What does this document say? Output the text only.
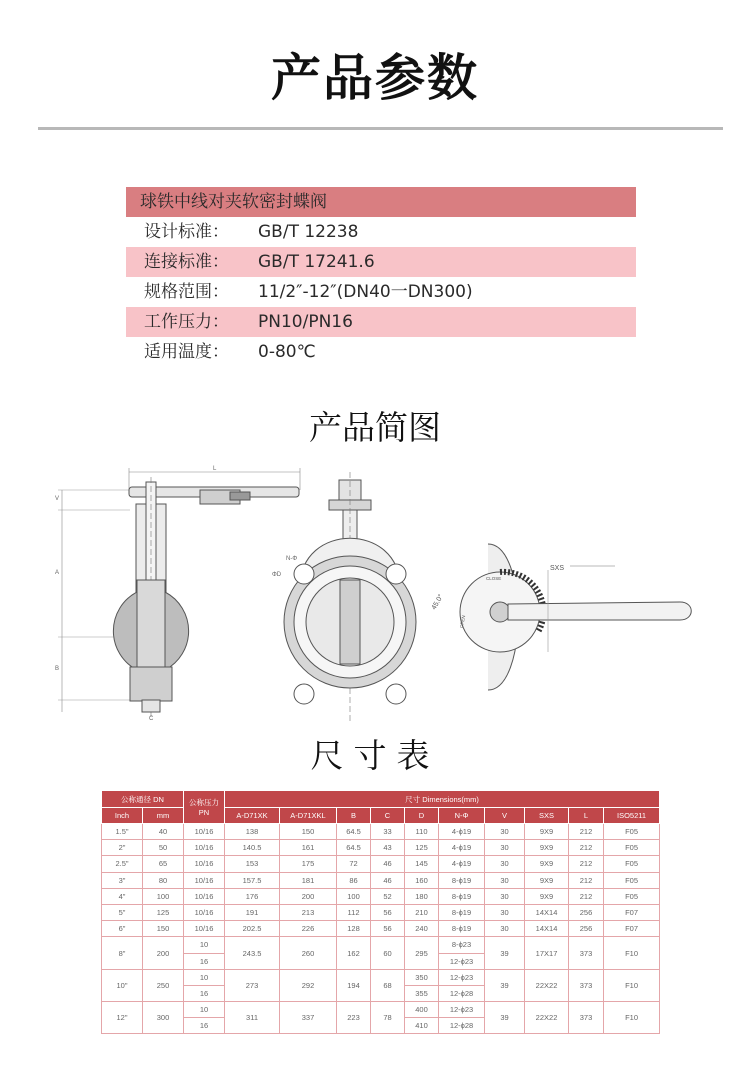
产品参数
球铁中线对夹软密封蝶阀
设计标准： GB/T 12238
连接标准： GB/T 17241.6
规格范围： 11/2″-12″(DN40一DN300)
工作压力： PN10/PN16
适用温度： 0-80℃
产品简图
L
V
A
B
C
N-Φ
ΦD
SXS
45.0°
CLOSE
OPEN
尺寸表
公称通径 DN		公称压力 PN	尺寸 Dimensions(mm)									
Inch	mm		A-D71XK	A-D71XKL	B	C	D	N-Φ	V	SXS	L	ISO5211
1.5"	40	10/16	138	150	64.5	33	110	4-ϕ19	30	9X9	212	F05
2"	50	10/16	140.5	161	64.5	43	125	4-ϕ19	30	9X9	212	F05
2.5"	65	10/16	153	175	72	46	145	4-ϕ19	30	9X9	212	F05
3"	80	10/16	157.5	181	86	46	160	8-ϕ19	30	9X9	212	F05
4"	100	10/16	176	200	100	52	180	8-ϕ19	30	9X9	212	F05
5"	125	10/16	191	213	112	56	210	8-ϕ19	30	14X14	256	F07
6"	150	10/16	202.5	226	128	56	240	8-ϕ19	30	14X14	256	F07
8"	200	10	243.5	260	162	60	295	8-ϕ23	39	17X17	373	F10
		16						12-ϕ23				
10"	250	10	273	292	194	68	350	12-ϕ23	39	22X22	373	F10
		16					355	12-ϕ28				
12"	300	10	311	337	223	78	400	12-ϕ23	39	22X22	373	F10
		16					410	12-ϕ28				
